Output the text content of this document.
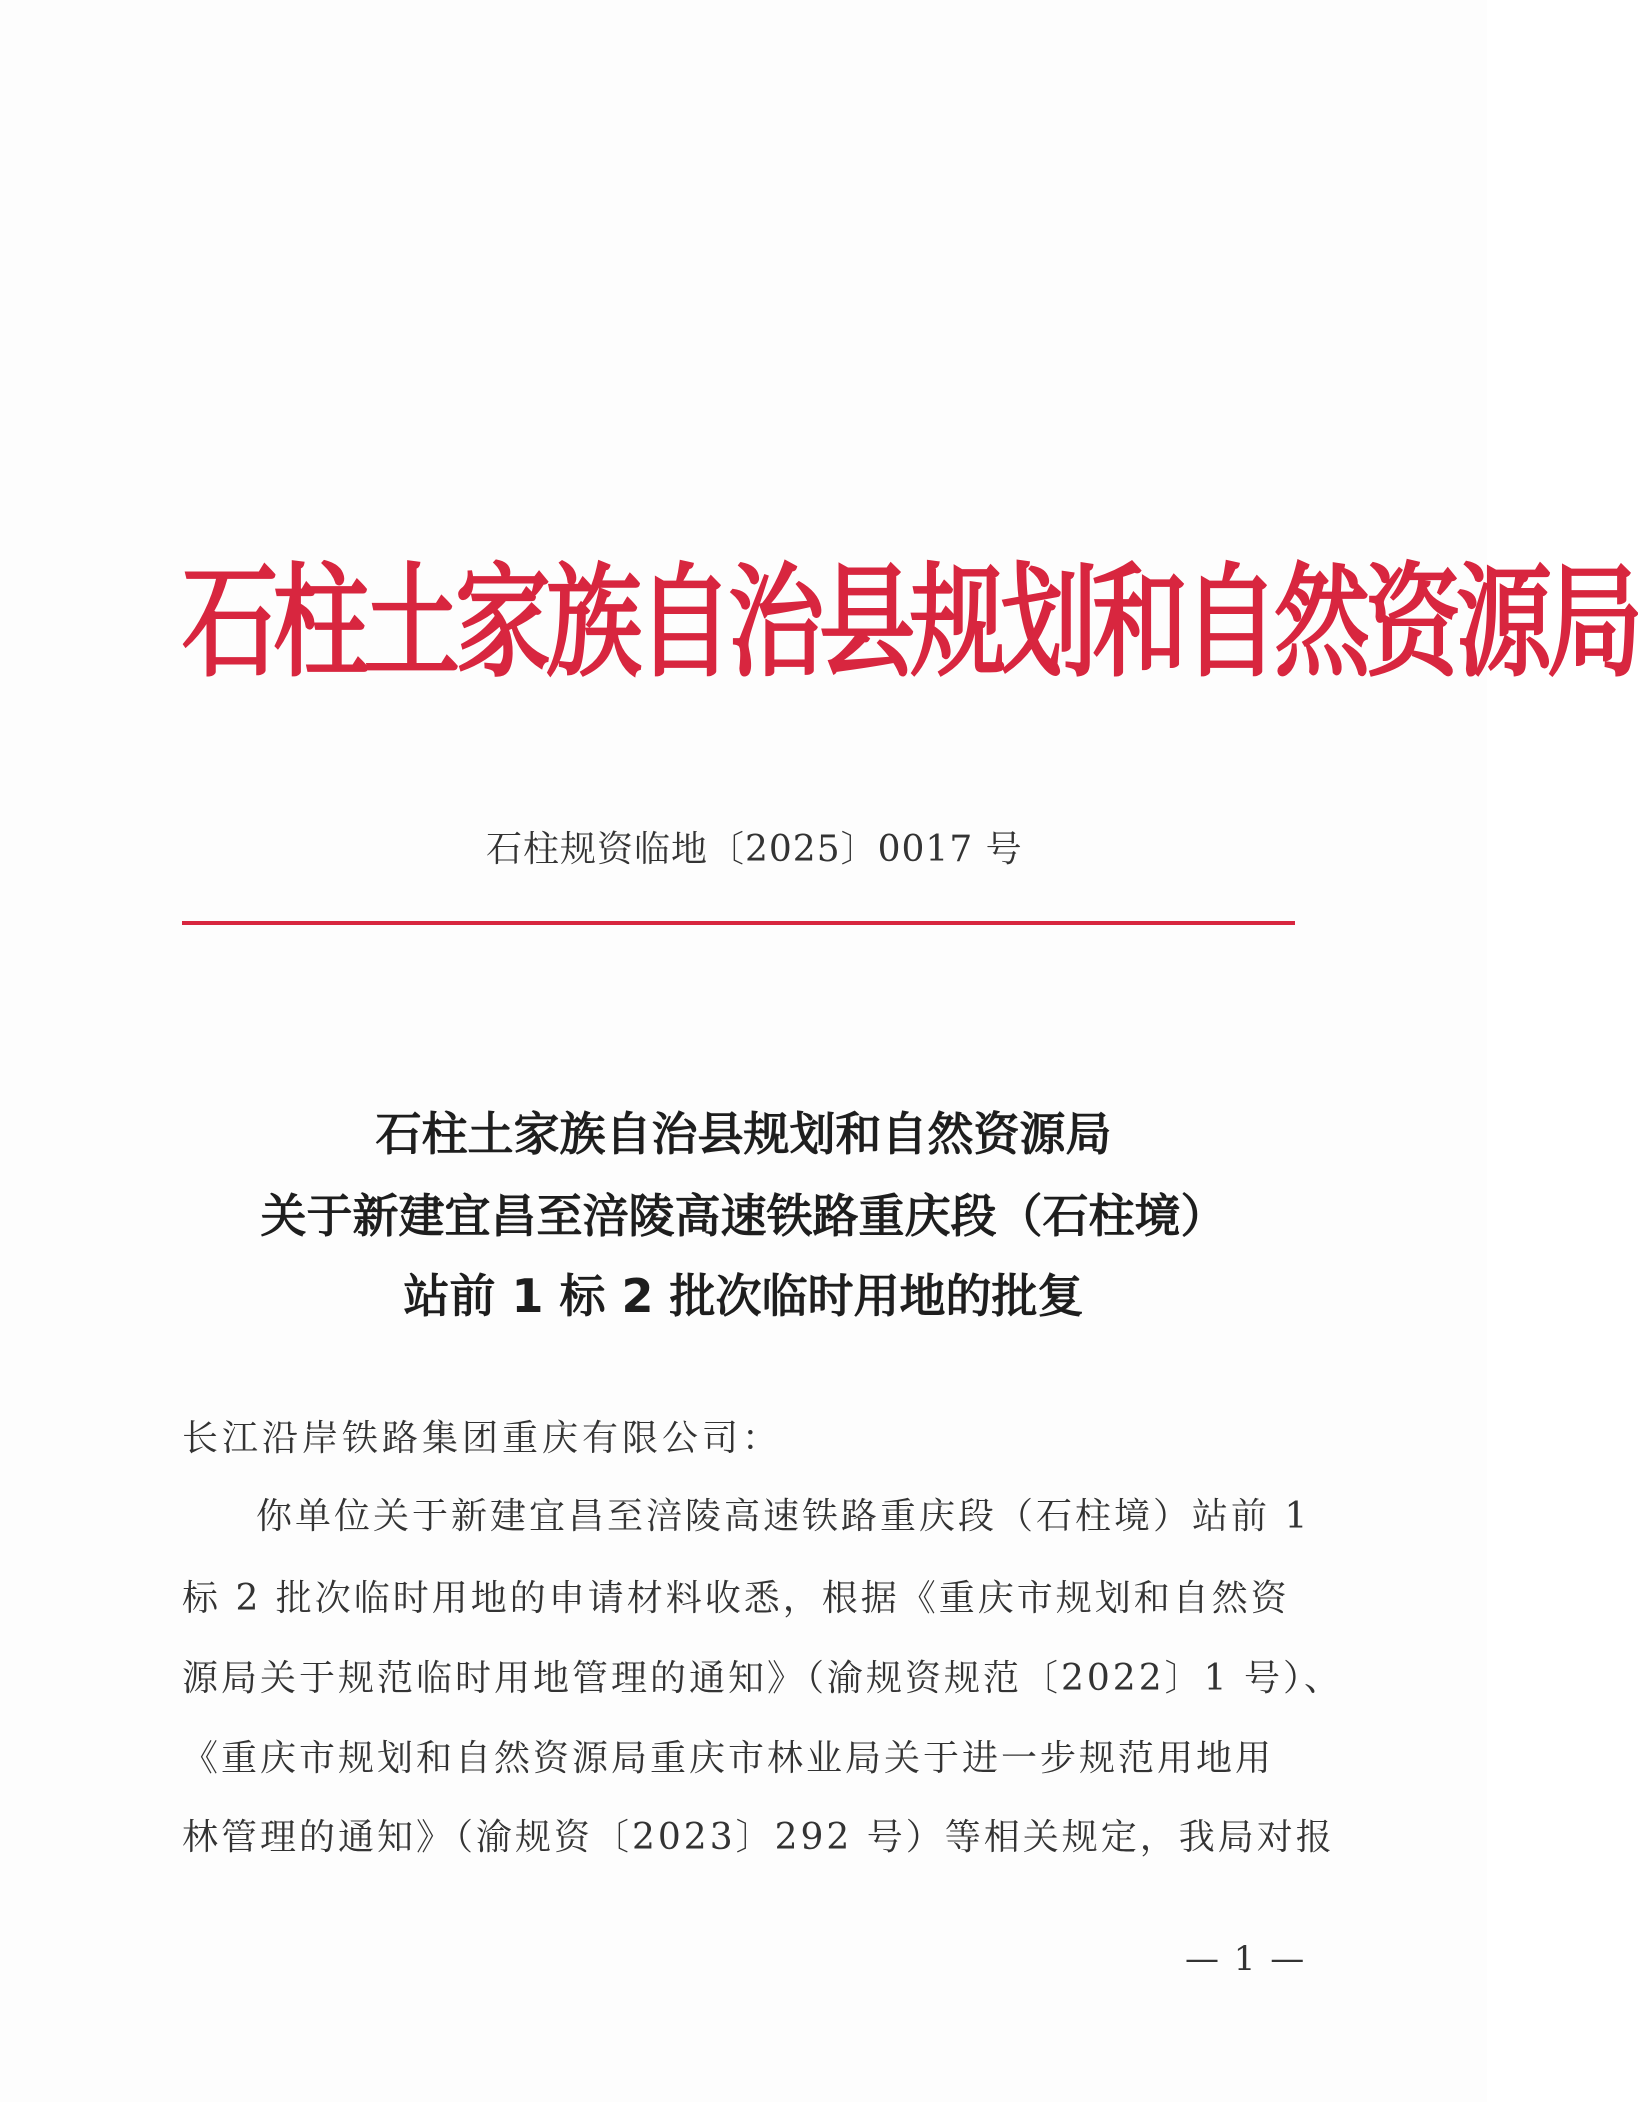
石柱土家族自治县规划和自然资源局
石柱规资临地〔2025〕0017 号
石柱土家族自治县规划和自然资源局
关于新建宜昌至涪陵高速铁路重庆段（石柱境）
站前 1 标 2 批次临时用地的批复
长江沿岸铁路集团重庆有限公司：
你单位关于新建宜昌至涪陵高速铁路重庆段（石柱境）站前 1
标 2 批次临时用地的申请材料收悉，根据《重庆市规划和自然资
源局关于规范临时用地管理的通知》（渝规资规范〔2022〕1 号）、
《重庆市规划和自然资源局重庆市林业局关于进一步规范用地用
林管理的通知》（渝规资〔2023〕292 号）等相关规定，我局对报
— 1 —
